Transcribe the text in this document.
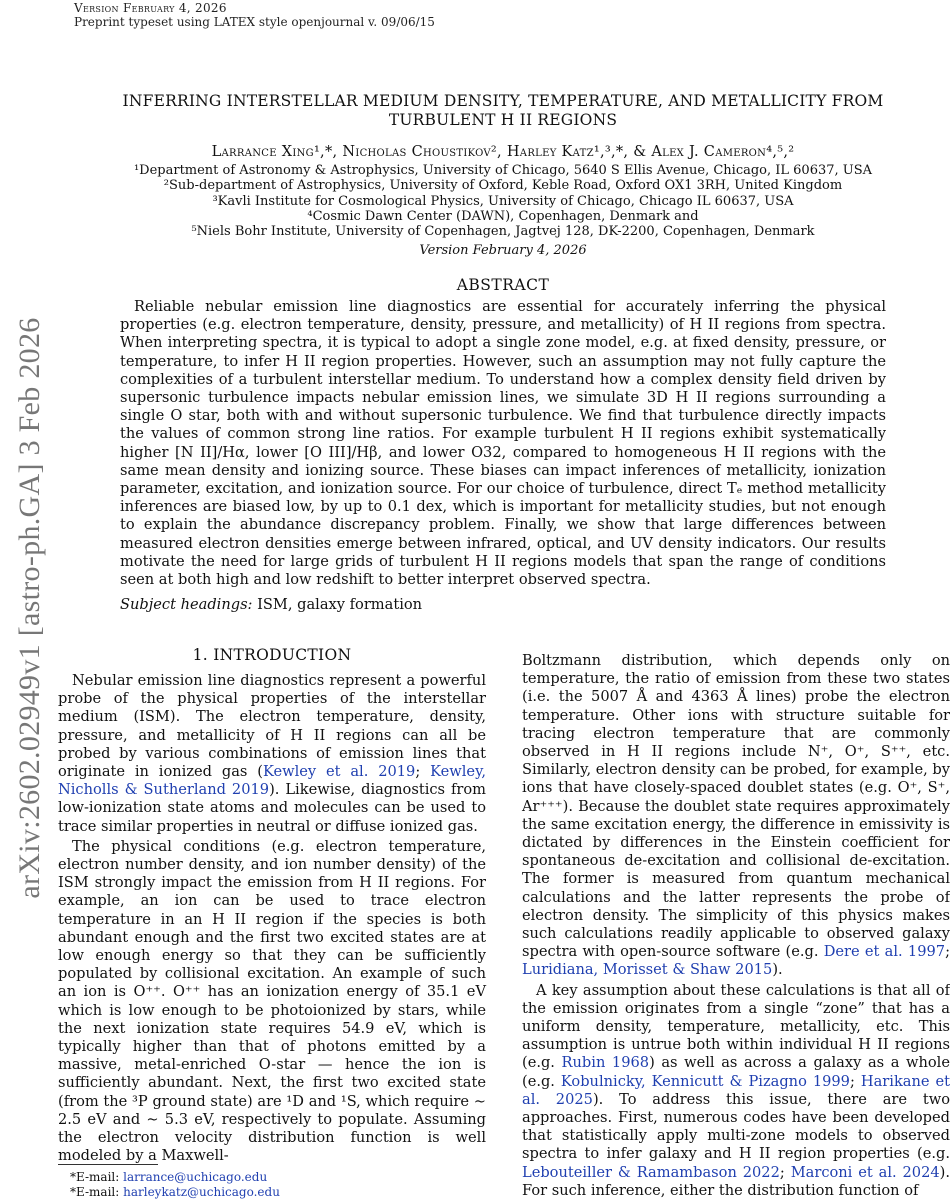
Version February 4, 2026
Preprint typeset using LATEX style openjournal v. 09/06/15
arXiv:2602.02949v1 [astro-ph.GA] 3 Feb 2026
INFERRING INTERSTELLAR MEDIUM DENSITY, TEMPERATURE, AND METALLICITY FROM TURBULENT H II REGIONS
Larrance Xing¹,*, Nicholas Choustikov², Harley Katz¹,³,*, & Alex J. Cameron⁴,⁵,²
¹Department of Astronomy & Astrophysics, University of Chicago, 5640 S Ellis Avenue, Chicago, IL 60637, USA
²Sub-department of Astrophysics, University of Oxford, Keble Road, Oxford OX1 3RH, United Kingdom
³Kavli Institute for Cosmological Physics, University of Chicago, Chicago IL 60637, USA
⁴Cosmic Dawn Center (DAWN), Copenhagen, Denmark and
⁵Niels Bohr Institute, University of Copenhagen, Jagtvej 128, DK-2200, Copenhagen, Denmark
Version February 4, 2026
ABSTRACT
Reliable nebular emission line diagnostics are essential for accurately inferring the physical properties (e.g. electron temperature, density, pressure, and metallicity) of H II regions from spectra. When interpreting spectra, it is typical to adopt a single zone model, e.g. at fixed density, pressure, or temperature, to infer H II region properties. However, such an assumption may not fully capture the complexities of a turbulent interstellar medium. To understand how a complex density field driven by supersonic turbulence impacts nebular emission lines, we simulate 3D H II regions surrounding a single O star, both with and without supersonic turbulence. We find that turbulence directly impacts the values of common strong line ratios. For example turbulent H II regions exhibit systematically higher [N II]/Hα, lower [O III]/Hβ, and lower O32, compared to homogeneous H II regions with the same mean density and ionizing source. These biases can impact inferences of metallicity, ionization parameter, excitation, and ionization source. For our choice of turbulence, direct Tₑ method metallicity inferences are biased low, by up to 0.1 dex, which is important for metallicity studies, but not enough to explain the abundance discrepancy problem. Finally, we show that large differences between measured electron densities emerge between infrared, optical, and UV density indicators. Our results motivate the need for large grids of turbulent H II regions models that span the range of conditions seen at both high and low redshift to better interpret observed spectra.
Subject headings: ISM, galaxy formation
1. INTRODUCTION

Nebular emission line diagnostics represent a powerful probe of the physical properties of the interstellar medium (ISM). The electron temperature, density, pressure, and metallicity of H II regions can all be probed by various combinations of emission lines that originate in ionized gas (Kewley et al. 2019; Kewley, Nicholls & Sutherland 2019). Likewise, diagnostics from low-ionization state atoms and molecules can be used to trace similar properties in neutral or diffuse ionized gas.

The physical conditions (e.g. electron temperature, electron number density, and ion number density) of the ISM strongly impact the emission from H II regions. For example, an ion can be used to trace electron temperature in an H II region if the species is both abundant enough and the first two excited states are at low enough energy so that they can be sufficiently populated by collisional excitation. An example of such an ion is O⁺⁺. O⁺⁺ has an ionization energy of 35.1 eV which is low enough to be photoionized by stars, while the next ionization state requires 54.9 eV, which is typically higher than that of photons emitted by a massive, metal-enriched O-star — hence the ion is sufficiently abundant. Next, the first two excited state (from the ³P ground state) are ¹D and ¹S, which require ∼ 2.5 eV and ∼ 5.3 eV, respectively to populate. Assuming the electron velocity distribution function is well modeled by a Maxwell-

Boltzmann distribution, which depends only on temperature, the ratio of emission from these two states (i.e. the 5007 Å and 4363 Å lines) probe the electron temperature. Other ions with structure suitable for tracing electron temperature that are commonly observed in H II regions include N⁺, O⁺, S⁺⁺, etc. Similarly, electron density can be probed, for example, by ions that have closely-spaced doublet states (e.g. O⁺, S⁺, Ar⁺⁺⁺). Because the doublet state requires approximately the same excitation energy, the difference in emissivity is dictated by differences in the Einstein coefficient for spontaneous de-excitation and collisional de-excitation. The former is measured from quantum mechanical calculations and the latter represents the probe of electron density. The simplicity of this physics makes such calculations readily applicable to observed galaxy spectra with open-source software (e.g. Dere et al. 1997; Luridiana, Morisset & Shaw 2015).

A key assumption about these calculations is that all of the emission originates from a single “zone” that has a uniform density, temperature, metallicity, etc. This assumption is untrue both within individual H II regions (e.g. Rubin 1968) as well as across a galaxy as a whole (e.g. Kobulnicky, Kennicutt & Pizagno 1999; Harikane et al. 2025). To address this issue, there are two approaches. First, numerous codes have been developed that statistically apply multi-zone models to observed spectra to infer galaxy and H II region properties (e.g. Lebouteiller & Ramambason 2022; Marconi et al. 2024). For such inference, either the distribution function of

*E-mail: larrance@uchicago.edu
*E-mail: harleykatz@uchicago.edu
